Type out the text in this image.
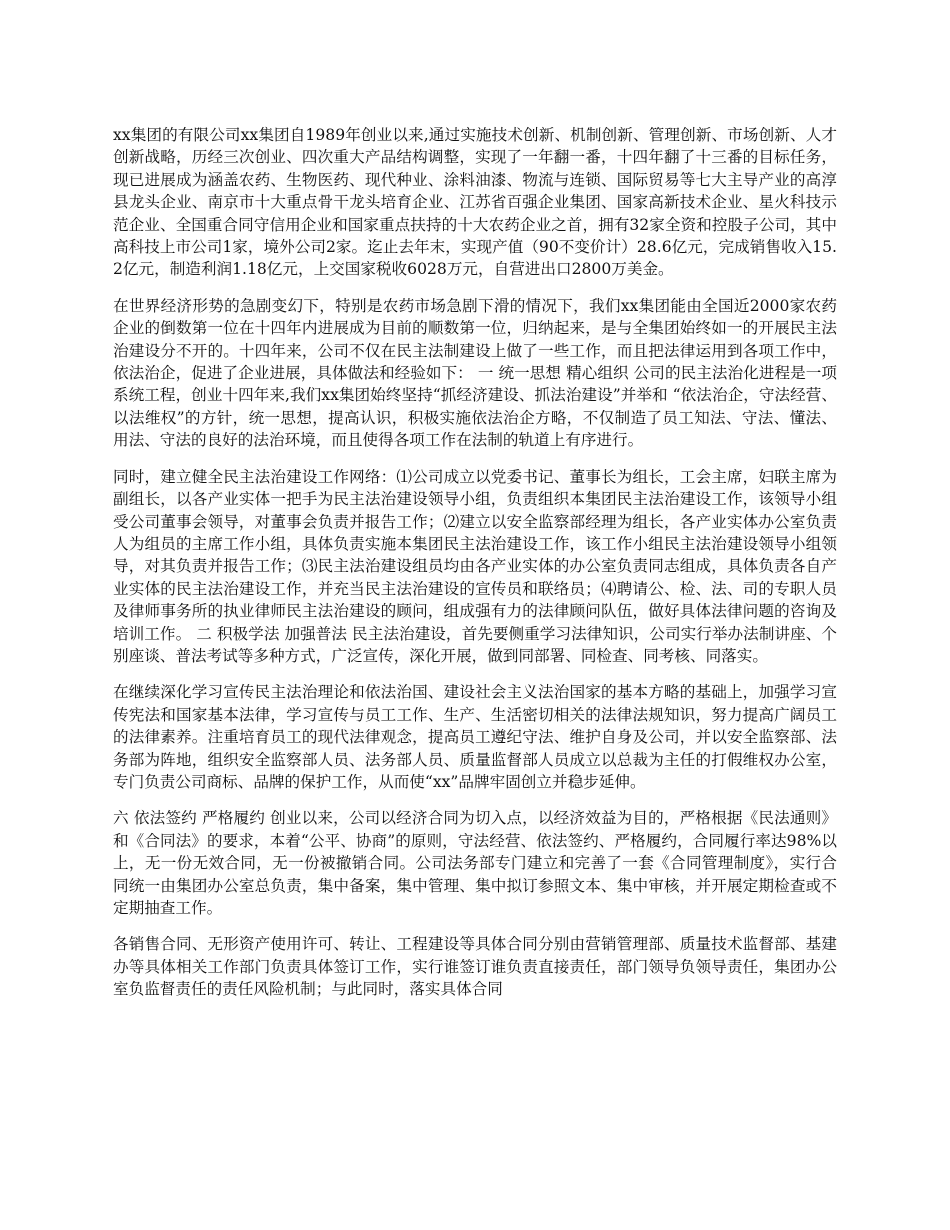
xx集团的有限公司xx集团自1989年创业以来,通过实施技术创新、机制创新、管理创新、市场创新、人才创新战略，历经三次创业、四次重大产品结构调整，实现了一年翻一番，十四年翻了十三番的目标任务，现已进展成为涵盖农药、生物医药、现代种业、涂料油漆、物流与连锁、国际贸易等七大主导产业的高淳县龙头企业、南京市十大重点骨干龙头培育企业、江苏省百强企业集团、国家高新技术企业、星火科技示范企业、全国重合同守信用企业和国家重点扶持的十大农药企业之首，拥有32家全资和控股子公司，其中高科技上市公司1家，境外公司2家。迄止去年末，实现产值（90不变价计）28.6亿元，完成销售收入15.2亿元，制造利润1.18亿元，上交国家税收6028万元，自营进出口2800万美金。

在世界经济形势的急剧变幻下，特别是农药市场急剧下滑的情况下，我们xx集团能由全国近2000家农药企业的倒数第一位在十四年内进展成为目前的顺数第一位，归纳起来，是与全集团始终如一的开展民主法治建设分不开的。十四年来，公司不仅在民主法制建设上做了一些工作，而且把法律运用到各项工作中，依法治企，促进了企业进展，具体做法和经验如下： 一 统一思想 精心组织 公司的民主法治化进程是一项系统工程，创业十四年来,我们xx集团始终坚持“抓经济建设、抓法治建设”并举和 “依法治企，守法经营、以法维权”的方针，统一思想，提高认识，积极实施依法治企方略，不仅制造了员工知法、守法、懂法、用法、守法的良好的法治环境，而且使得各项工作在法制的轨道上有序进行。

同时，建立健全民主法治建设工作网络：⑴公司成立以党委书记、董事长为组长，工会主席，妇联主席为副组长，以各产业实体一把手为民主法治建设领导小组，负责组织本集团民主法治建设工作，该领导小组受公司董事会领导，对董事会负责并报告工作；⑵建立以安全监察部经理为组长，各产业实体办公室负责人为组员的主席工作小组，具体负责实施本集团民主法治建设工作，该工作小组民主法治建设领导小组领导，对其负责并报告工作；⑶民主法治建设组员均由各产业实体的办公室负责同志组成，具体负责各自产业实体的民主法治建设工作，并充当民主法治建设的宣传员和联络员；⑷聘请公、检、法、司的专职人员及律师事务所的执业律师民主法治建设的顾问，组成强有力的法律顾问队伍，做好具体法律问题的咨询及培训工作。 二 积极学法 加强普法 民主法治建设，首先要侧重学习法律知识，公司实行举办法制讲座、个别座谈、普法考试等多种方式，广泛宣传，深化开展，做到同部署、同检查、同考核、同落实。

在继续深化学习宣传民主法治理论和依法治国、建设社会主义法治国家的基本方略的基础上，加强学习宣传宪法和国家基本法律，学习宣传与员工工作、生产、生活密切相关的法律法规知识，努力提高广阔员工的法律素养。注重培育员工的现代法律观念，提高员工遵纪守法、维护自身及公司，并以安全监察部、法务部为阵地，组织安全监察部人员、法务部人员、质量监督部人员成立以总裁为主任的打假维权办公室，专门负责公司商标、品牌的保护工作，从而使“xx”品牌牢固创立并稳步延伸。

六 依法签约 严格履约 创业以来，公司以经济合同为切入点，以经济效益为目的，严格根据《民法通则》和《合同法》的要求，本着“公平、协商”的原则，守法经营、依法签约、严格履约，合同履行率达98%以上，无一份无效合同，无一份被撤销合同。公司法务部专门建立和完善了一套《合同管理制度》，实行合同统一由集团办公室总负责，集中备案，集中管理、集中拟订参照文本、集中审核，并开展定期检查或不定期抽查工作。

各销售合同、无形资产使用许可、转让、工程建设等具体合同分别由营销管理部、质量技术监督部、基建办等具体相关工作部门负责具体签订工作，实行谁签订谁负责直接责任，部门领导负领导责任，集团办公室负监督责任的责任风险机制；与此同时，落实具体合同
